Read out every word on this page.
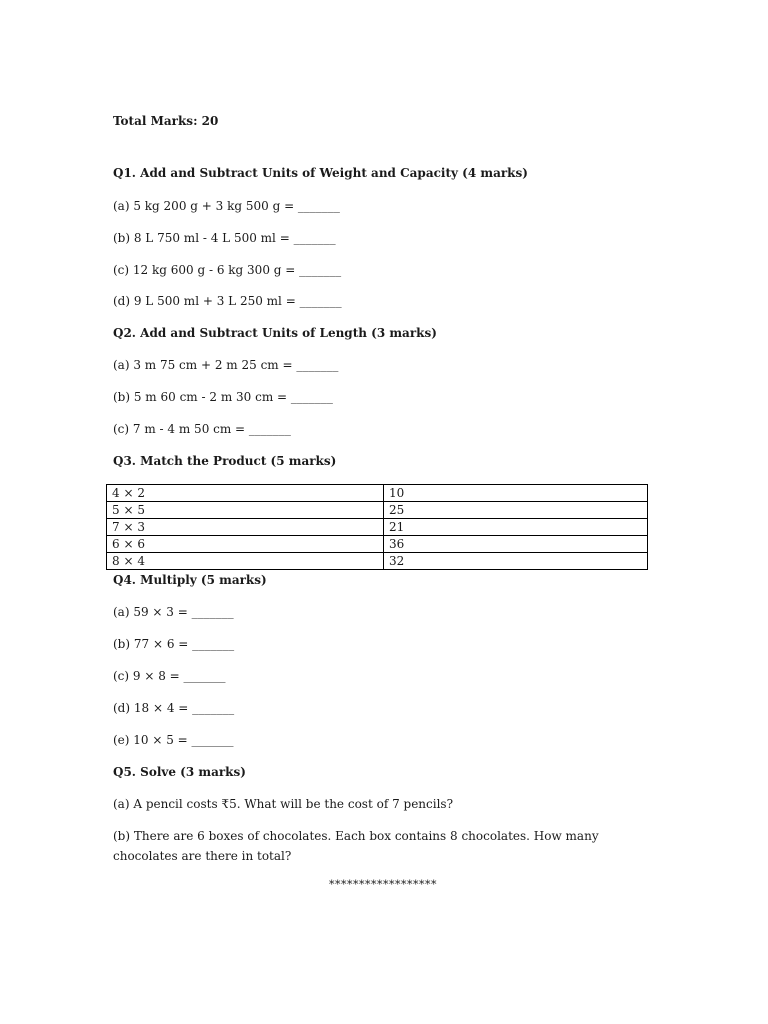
Total Marks: 20
Q1. Add and Subtract Units of Weight and Capacity (4 marks)
(a) 5 kg 200 g + 3 kg 500 g = _______
(b) 8 L 750 ml - 4 L 500 ml = _______
(c) 12 kg 600 g - 6 kg 300 g = _______
(d) 9 L 500 ml + 3 L 250 ml = _______
Q2. Add and Subtract Units of Length (3 marks)
(a) 3 m 75 cm + 2 m 25 cm = _______
(b) 5 m 60 cm - 2 m 30 cm = _______
(c) 7 m - 4 m 50 cm = _______
Q3. Match the Product (5 marks)
4 × 2	10
5 × 5	25
7 × 3	21
6 × 6	36
8 × 4	32
Q4. Multiply (5 marks)
(a) 59 × 3 = _______
(b) 77 × 6 = _______
(c) 9 × 8 = _______
(d) 18 × 4 = _______
(e) 10 × 5 = _______
Q5. Solve (3 marks)
(a) A pencil costs ₹5. What will be the cost of 7 pencils?
(b) There are 6 boxes of chocolates. Each box contains 8 chocolates. How many chocolates are there in total?
******************
